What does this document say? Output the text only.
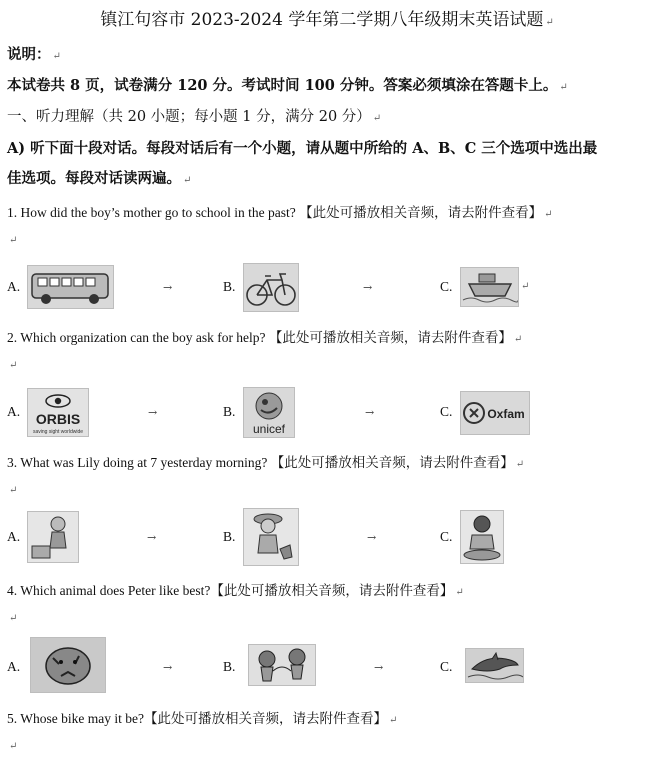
镇江句容市 2023-2024 学年第二学期八年级期末英语试题 ↵
说明： ↵
本试卷共 8 页，试卷满分 120 分。考试时间 100 分钟。答案必须填涂在答题卡上。 ↵
一、听力理解（共 20 小题；每小题 1 分，满分 20 分） ↵
A) 听下面十段对话。每段对话后有一个小题，请从题中所给的 A、B、C 三个选项中选出最
佳选项。每段对话读两遍。 ↵
1. How did the boy’s mother go to school in the past? 【此处可播放相关音频，请去附件查看】 ↵
↵
A.	→	B.	→	C.	↵
2. Which organization can the boy ask for help? 【此处可播放相关音频，请去附件查看】 ↵
↵
A. ORBIS
saving sight worldwide
→	B.
unicef
→	C.	Oxfam
3. What was Lily doing at 7 yesterday morning? 【此处可播放相关音频，请去附件查看】 ↵
↵
A.	→	B.	→	C.
4. Which animal does Peter like best?【此处可播放相关音频，请去附件查看】 ↵
↵
A.	→	B.	→	C.
5. Whose bike may it be?【此处可播放相关音频，请去附件查看】 ↵
↵
